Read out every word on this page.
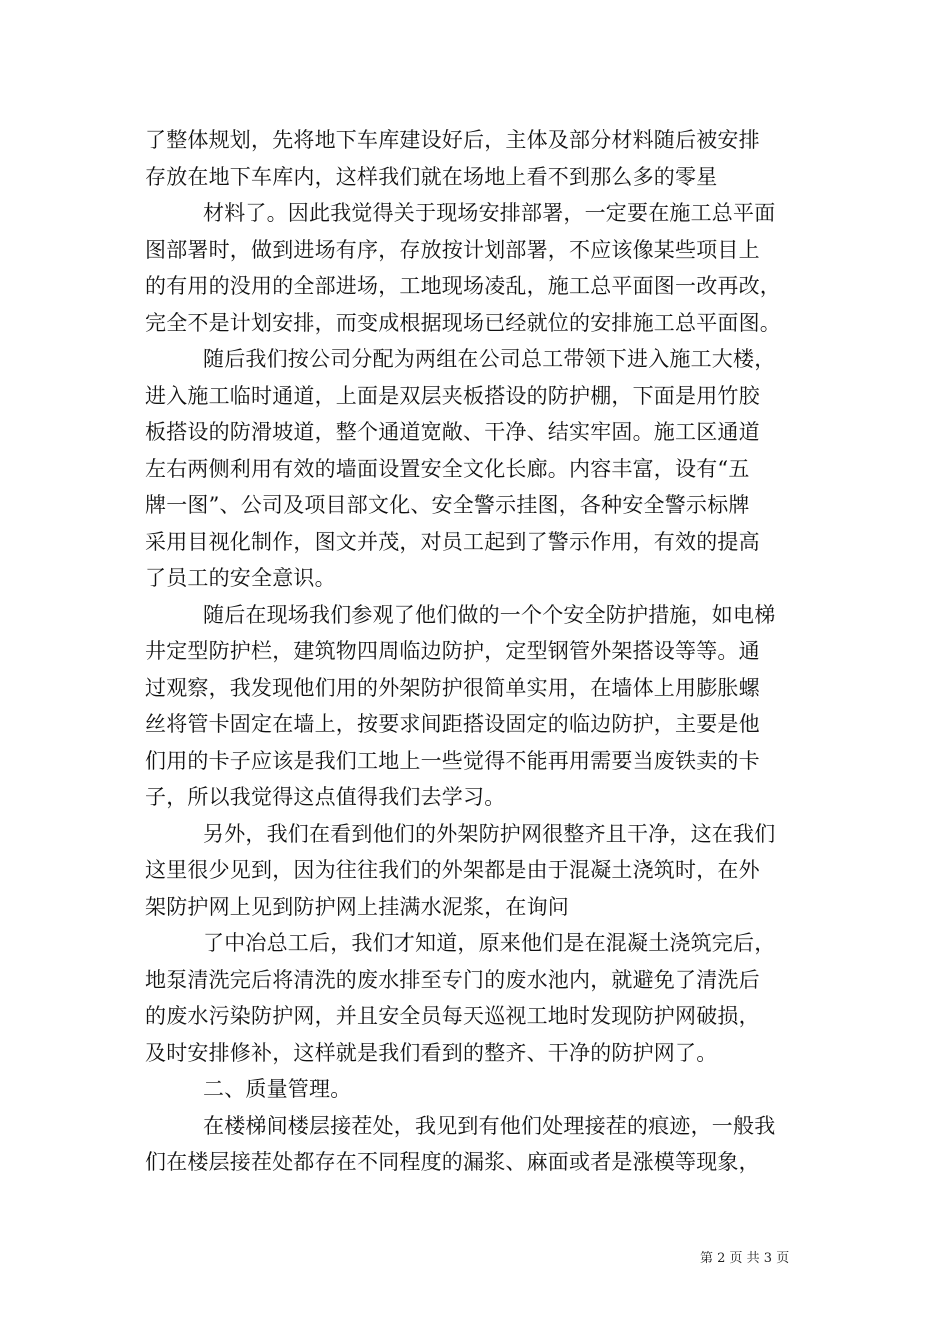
了整体规划，先将地下车库建设好后，主体及部分材料随后被安排
存放在地下车库内，这样我们就在场地上看不到那么多的零星
材料了。因此我觉得关于现场安排部署，一定要在施工总平面
图部署时，做到进场有序，存放按计划部署，不应该像某些项目上
的有用的没用的全部进场，工地现场凌乱，施工总平面图一改再改，
完全不是计划安排，而变成根据现场已经就位的安排施工总平面图。
随后我们按公司分配为两组在公司总工带领下进入施工大楼，
进入施工临时通道，上面是双层夹板搭设的防护棚，下面是用竹胶
板搭设的防滑坡道，整个通道宽敞、干净、结实牢固。施工区通道
左右两侧利用有效的墙面设置安全文化长廊。内容丰富，设有“五
牌一图”、公司及项目部文化、安全警示挂图，各种安全警示标牌
采用目视化制作，图文并茂，对员工起到了警示作用，有效的提高
了员工的安全意识。
随后在现场我们参观了他们做的一个个安全防护措施，如电梯
井定型防护栏，建筑物四周临边防护，定型钢管外架搭设等等。通
过观察，我发现他们用的外架防护很简单实用，在墙体上用膨胀螺
丝将管卡固定在墙上，按要求间距搭设固定的临边防护，主要是他
们用的卡子应该是我们工地上一些觉得不能再用需要当废铁卖的卡
子，所以我觉得这点值得我们去学习。
另外，我们在看到他们的外架防护网很整齐且干净，这在我们
这里很少见到，因为往往我们的外架都是由于混凝土浇筑时，在外
架防护网上见到防护网上挂满水泥浆，在询问
了中冶总工后，我们才知道，原来他们是在混凝土浇筑完后，
地泵清洗完后将清洗的废水排至专门的废水池内，就避免了清洗后
的废水污染防护网，并且安全员每天巡视工地时发现防护网破损，
及时安排修补，这样就是我们看到的整齐、干净的防护网了。
二、质量管理。
在楼梯间楼层接茬处，我见到有他们处理接茬的痕迹，一般我
们在楼层接茬处都存在不同程度的漏浆、麻面或者是涨模等现象，
第 2 页 共 3 页
